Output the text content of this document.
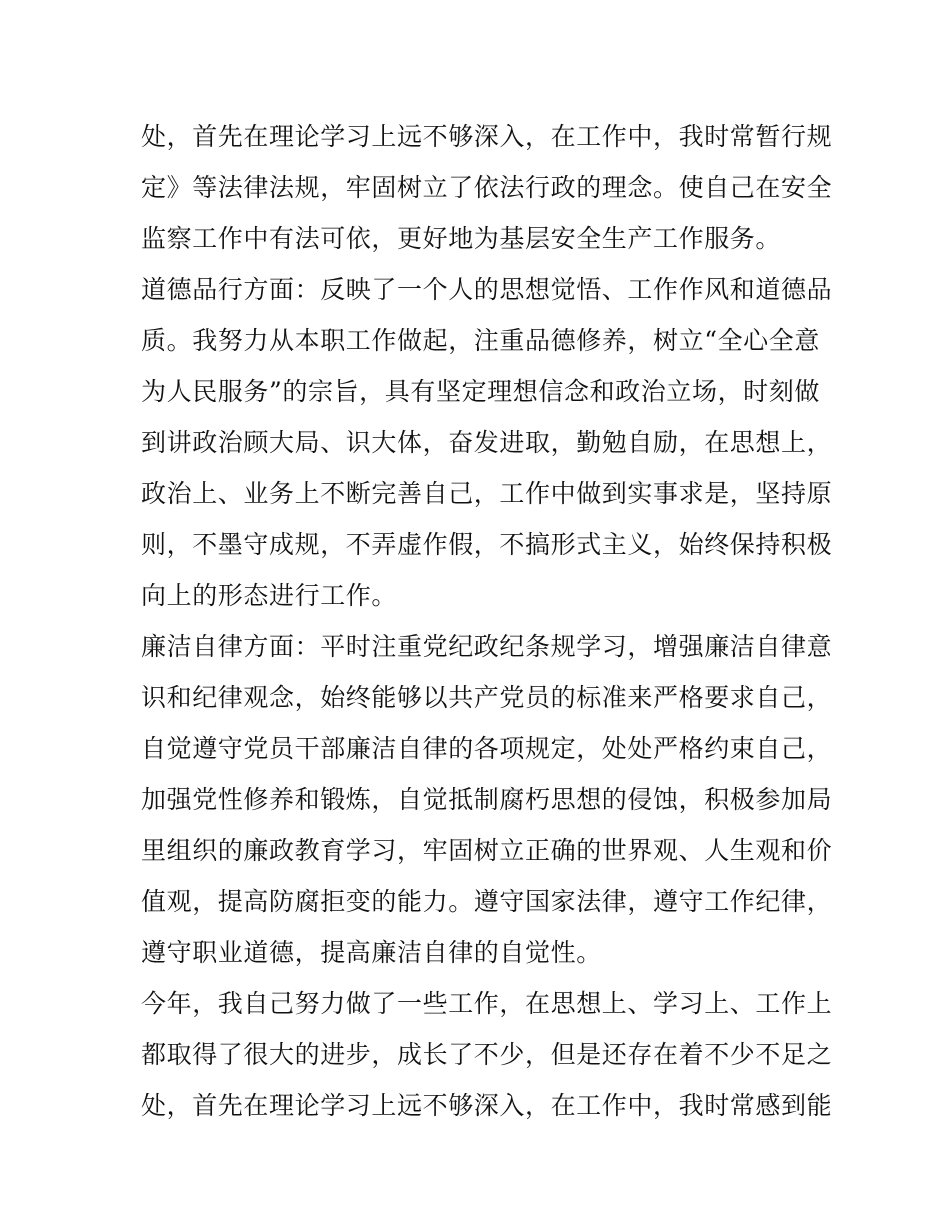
处，首先在理论学习上远不够深入，在工作中，我时常暂行规
定》等法律法规，牢固树立了依法行政的理念。使自己在安全
监察工作中有法可依，更好地为基层安全生产工作服务。
道德品行方面：反映了一个人的思想觉悟、工作作风和道德品
质。我努力从本职工作做起，注重品德修养，树立“全心全意
为人民服务”的宗旨，具有坚定理想信念和政治立场，时刻做
到讲政治顾大局、识大体，奋发进取，勤勉自励，在思想上，
政治上、业务上不断完善自己，工作中做到实事求是，坚持原
则，不墨守成规，不弄虚作假，不搞形式主义，始终保持积极
向上的形态进行工作。
廉洁自律方面：平时注重党纪政纪条规学习，增强廉洁自律意
识和纪律观念，始终能够以共产党员的标准来严格要求自己，
自觉遵守党员干部廉洁自律的各项规定，处处严格约束自己，
加强党性修养和锻炼，自觉抵制腐朽思想的侵蚀，积极参加局
里组织的廉政教育学习，牢固树立正确的世界观、人生观和价
值观，提高防腐拒变的能力。遵守国家法律，遵守工作纪律，
遵守职业道德，提高廉洁自律的自觉性。
今年，我自己努力做了一些工作，在思想上、学习上、工作上
都取得了很大的进步，成长了不少，但是还存在着不少不足之
处，首先在理论学习上远不够深入，在工作中，我时常感到能
